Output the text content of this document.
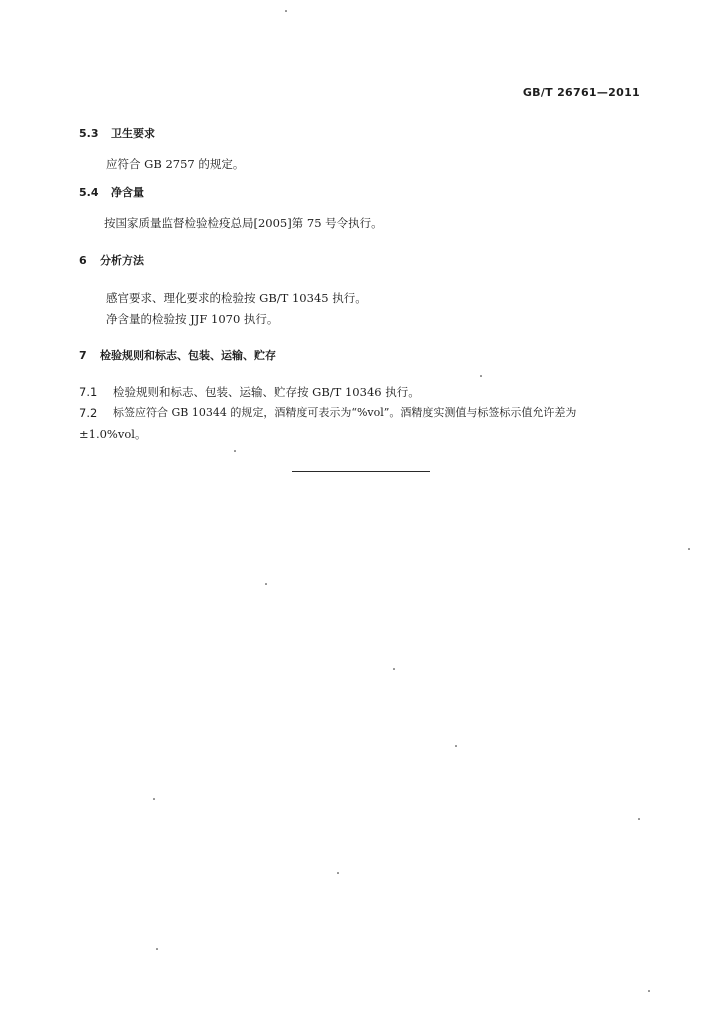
GB/T 26761—2011
5.3 卫生要求
应符合 GB 2757 的规定。
5.4 净含量
按国家质量监督检验检疫总局[2005]第 75 号令执行。
6 分析方法
感官要求、理化要求的检验按 GB/T 10345 执行。
净含量的检验按 JJF 1070 执行。
7 检验规则和标志、包装、运输、贮存
7.1 检验规则和标志、包装、运输、贮存按 GB/T 10346 执行。
7.2 标签应符合 GB 10344 的规定，酒精度可表示为“%vol”。酒精度实测值与标签标示值允许差为
±1.0%vol。
